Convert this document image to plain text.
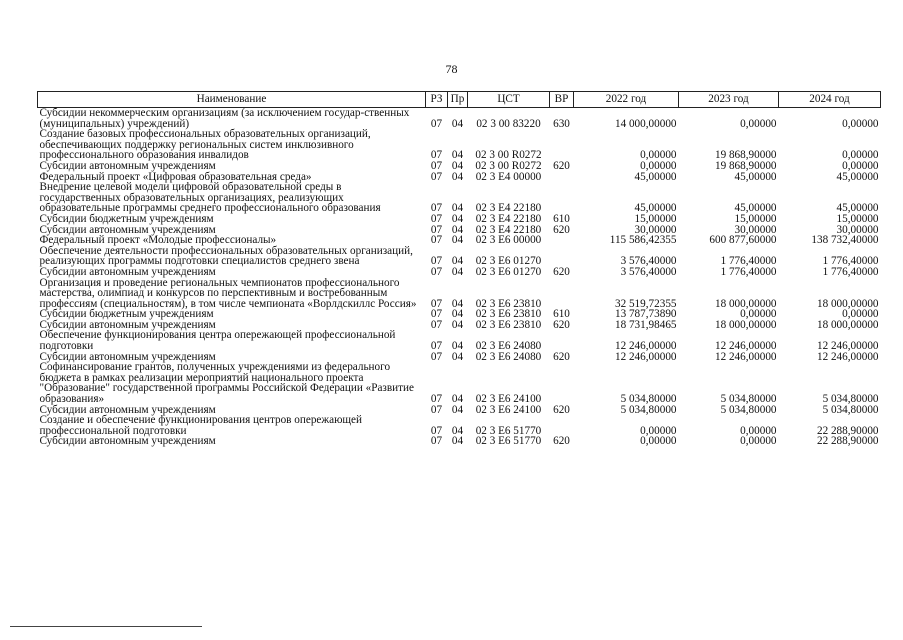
78
Наименование	РЗ	Пр	ЦСТ	ВР	2022 год	2023 год	2024 год
Субсидии некоммерческим организациям (за исключением государ-ственных (муниципальных) учреждений)	07	04	02 3 00 83220	630	14 000,00000	0,00000	0,00000
Создание базовых профессиональных образовательных организаций, обеспечивающих поддержку региональных систем инклюзивного профессионального образования инвалидов	07	04	02 3 00 R0272		0,00000	19 868,90000	0,00000
Субсидии автономным учреждениям	07	04	02 3 00 R0272	620	0,00000	19 868,90000	0,00000
Федеральный проект «Цифровая образовательная среда»	07	04	02 3 Е4 00000		45,00000	45,00000	45,00000
Внедрение целевой модели цифровой образовательной среды в государственных образовательных организациях, реализующих образовательные программы среднего профессионального образования	07	04	02 3 Е4 22180		45,00000	45,00000	45,00000
Субсидии бюджетным учреждениям	07	04	02 3 Е4 22180	610	15,00000	15,00000	15,00000
Субсидии автономным учреждениям	07	04	02 3 Е4 22180	620	30,00000	30,00000	30,00000
Федеральный проект «Молодые профессионалы»	07	04	02 3 Е6 00000		115 586,42355	600 877,60000	138 732,40000
Обеспечение деятельности профессиональных образовательных организаций, реализующих программы подготовки специалистов среднего звена	07	04	02 3 Е6 01270		3 576,40000	1 776,40000	1 776,40000
Субсидии автономным учреждениям	07	04	02 3 Е6 01270	620	3 576,40000	1 776,40000	1 776,40000
Организация и проведение региональных чемпионатов профессионального мастерства, олимпиад и конкурсов по перспективным и востребованным профессиям (специальностям), в том числе чемпионата «Ворлдскиллс Россия»	07	04	02 3 Е6 23810		32 519,72355	18 000,00000	18 000,00000
Субсидии бюджетным учреждениям	07	04	02 3 Е6 23810	610	13 787,73890	0,00000	0,00000
Субсидии автономным учреждениям	07	04	02 3 Е6 23810	620	18 731,98465	18 000,00000	18 000,00000
Обеспечение функционирования центра опережающей профессиональной подготовки	07	04	02 3 Е6 24080		12 246,00000	12 246,00000	12 246,00000
Субсидии автономным учреждениям	07	04	02 3 Е6 24080	620	12 246,00000	12 246,00000	12 246,00000
Софинансирование грантов, полученных учреждениями из федерального бюджета в рамках реализации мероприятий национального проекта "Образование" государственной программы Российской Федерации «Развитие образования»	07	04	02 3 Е6 24100		5 034,80000	5 034,80000	5 034,80000
Субсидии автономным учреждениям	07	04	02 3 Е6 24100	620	5 034,80000	5 034,80000	5 034,80000
Создание и обеспечение функционирования центров опережающей профессиональной подготовки	07	04	02 3 Е6 51770		0,00000	0,00000	22 288,90000
Субсидии автономным учреждениям	07	04	02 3 Е6 51770	620	0,00000	0,00000	22 288,90000
